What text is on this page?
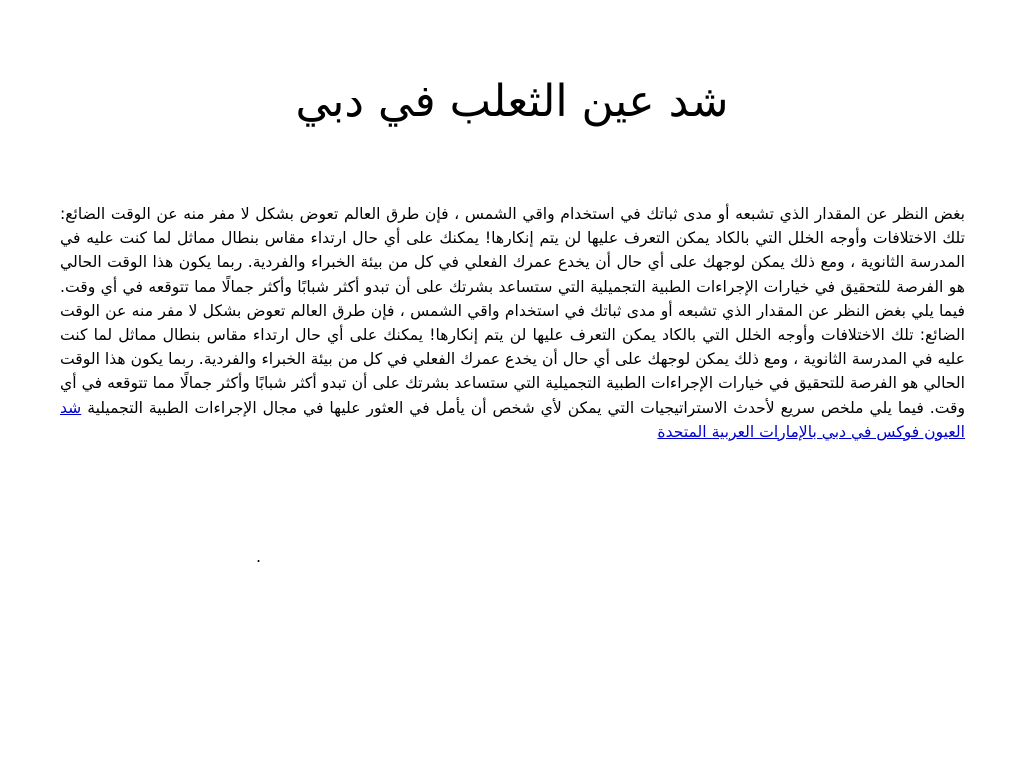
شد عين الثعلب في دبي

بغض النظر عن المقدار الذي تشبعه أو مدى ثباتك في استخدام واقي الشمس ، فإن طرق العالم تعوض بشكل لا مفر منه عن الوقت الضائع: تلك الاختلافات وأوجه الخلل التي بالكاد يمكن التعرف عليها لن يتم إنكارها! يمكنك على أي حال ارتداء مقاس بنطال مماثل لما كنت عليه في المدرسة الثانوية ، ومع ذلك يمكن لوجهك على أي حال أن يخدع عمرك الفعلي في كل من بيئة الخبراء والفردية. ربما يكون هذا الوقت الحالي هو الفرصة للتحقيق في خيارات الإجراءات الطبية التجميلية التي ستساعد بشرتك على أن تبدو أكثر شبابًا وأكثر جمالًا مما تتوقعه في أي وقت. فيما يلي بغض النظر عن المقدار الذي تشبعه أو مدى ثباتك في استخدام واقي الشمس ، فإن طرق العالم تعوض بشكل لا مفر منه عن الوقت الضائع: تلك الاختلافات وأوجه الخلل التي بالكاد يمكن التعرف عليها لن يتم إنكارها! يمكنك على أي حال ارتداء مقاس بنطال مماثل لما كنت عليه في المدرسة الثانوية ، ومع ذلك يمكن لوجهك على أي حال أن يخدع عمرك الفعلي في كل من بيئة الخبراء والفردية. ربما يكون هذا الوقت الحالي هو الفرصة للتحقيق في خيارات الإجراءات الطبية التجميلية التي ستساعد بشرتك على أن تبدو أكثر شبابًا وأكثر جمالًا مما تتوقعه في أي وقت. فيما يلي ملخص سريع لأحدث الاستراتيجيات التي يمكن لأي شخص أن يأمل في العثور عليها في مجال الإجراءات الطبية التجميلية شد العيون فوكس في دبي بالإمارات العربية المتحدة

.
